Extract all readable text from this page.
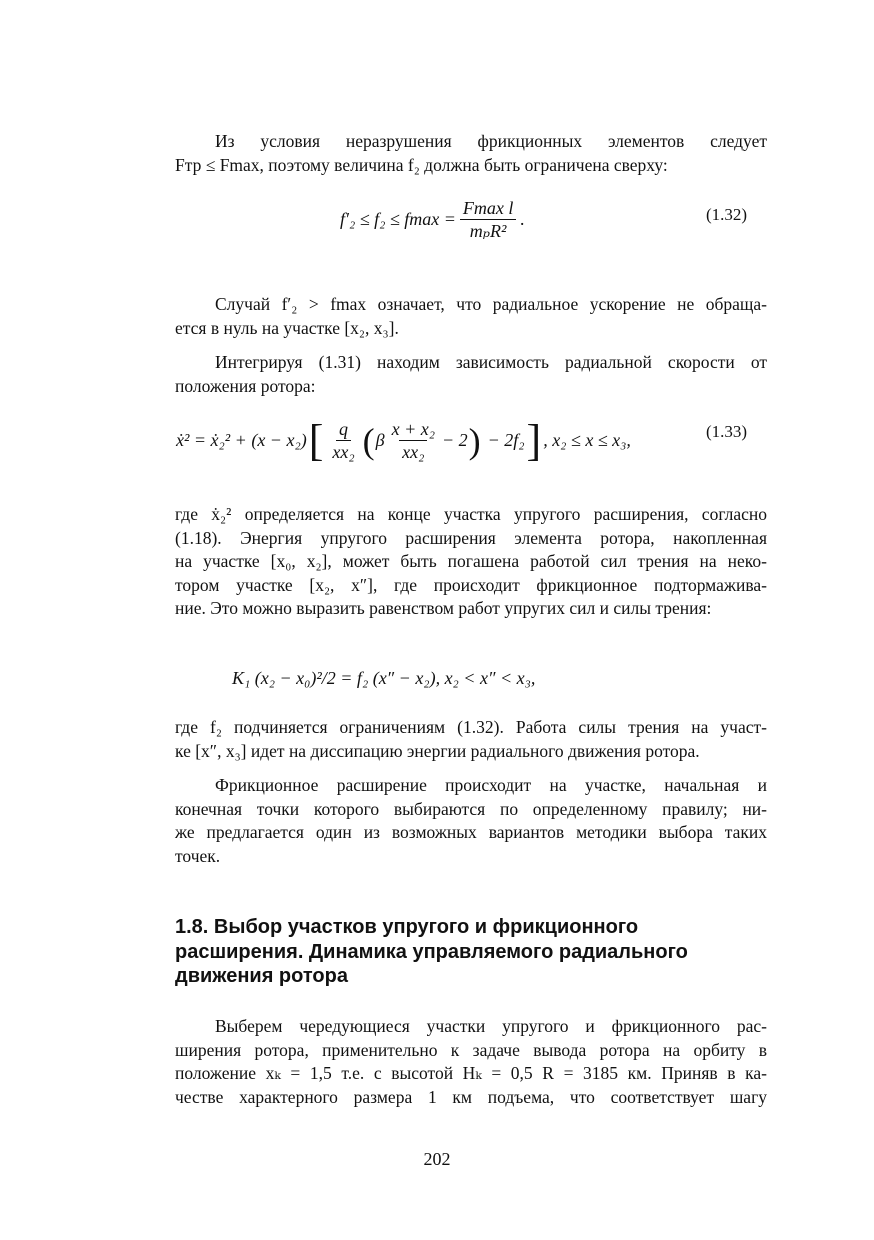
Из условия неразрушения фрикционных элементов следует
Fтр ≤ Fmax, поэтому величина f₂ должна быть ограничена сверху:
$f'_2 \le f_2 \le fmax = \frac{\text{Fmax l}}{\text{mₚR²}}$ .	(1.32)
Случай f′₂ > fmax означает, что радиальное ускорение не обраща-
ется в нуль на участке [x₂, x₃].
Интегрируя (1.31) находим зависимость радиальной скорости от
положения ротора:
ẋ² = ẋ₂² + (x − x₂) [ $\frac{q}{\text{xx₂}}$ ( β $\frac{\text{x + x₂}}{\text{xx₂}} - 2$ ) − 2f₂ ] , x₂ ≤ x ≤ x₃,	(1.33)
где ẋ₂² определяется на конце участка упругого расширения, согласно
(1.18). Энергия упругого расширения элемента ротора, накопленная
на участке [x₀, x₂], может быть погашена работой сил трения на неко-
тором участке [x₂, x″], где происходит фрикционное подтормажива-
ние. Это можно выразить равенством работ упругих сил и силы трения:
K₁ (x₂ − x₀)²/2 = f₂ (x″ − x₂), x₂ < x″ < x₃,
где f₂ подчиняется ограничениям (1.32). Работа силы трения на участ-
ке [x″, x₃] идет на диссипацию энергии радиального движения ротора.
Фрикционное расширение происходит на участке, начальная и
конечная точки которого выбираются по определенному правилу; ни-
же предлагается один из возможных вариантов методики выбора таких
точек.
1.8. Выбор участков упругого и фрикционного
расширения. Динамика управляемого радиального
движения ротора
Выберем чередующиеся участки упругого и фрикционного рас-
ширения ротора, применительно к задаче вывода ротора на орбиту в
положение xₖ = 1,5 т.е. с высотой Hₖ = 0,5 R = 3185 км. Приняв в ка-
честве характерного размера 1 км подъема, что соответствует шагу
202
